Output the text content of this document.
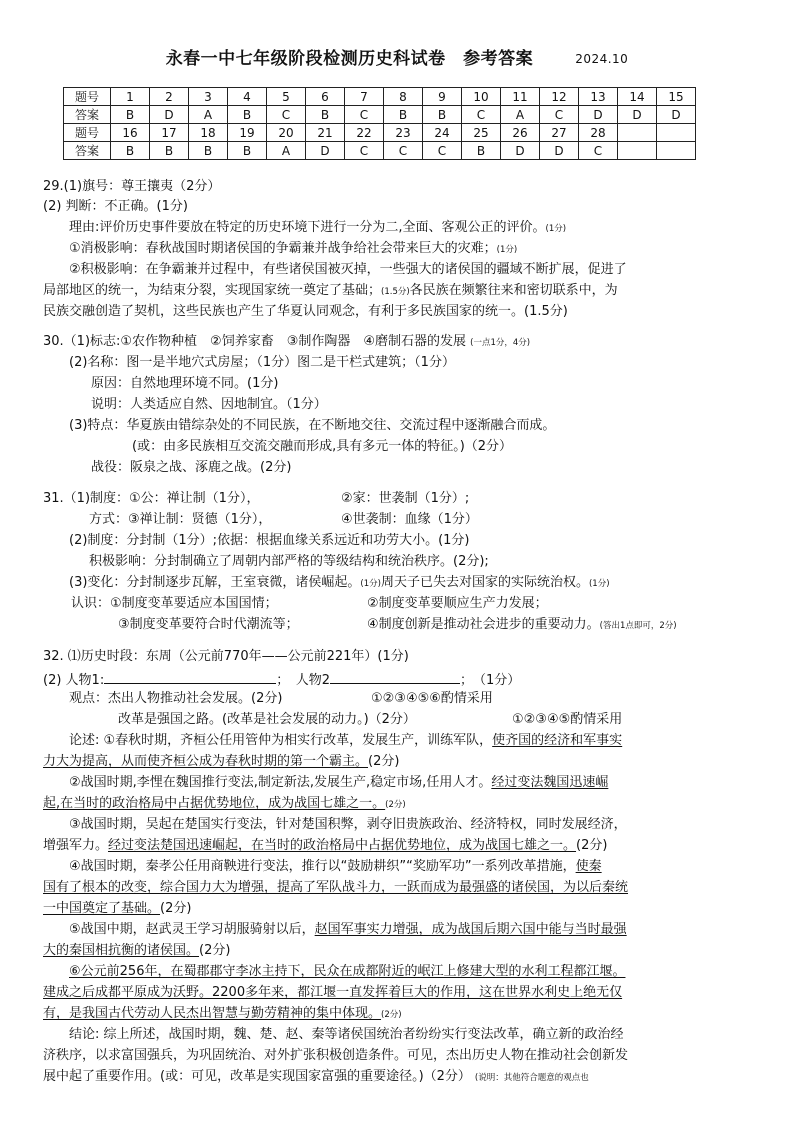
永春一中七年级阶段检测历史科试卷　参考答案	2024.10
题号	1	2	3	4	5	6	7	8	9	10	11	12	13	14	15
答案	B	D	A	B	C	B	C	B	B	C	A	C	D	D	D
题号	16	17	18	19	20	21	22	23	24	25	26	27	28		
答案	B	B	B	B	A	D	C	C	C	B	D	D	C		
29.(1)旗号：尊王攘夷（2分）
(2) 判断：不正确。(1分)
理由:评价历史事件要放在特定的历史环境下进行一分为二,全面、客观公正的评价。(1分)
①消极影响：春秋战国时期诸侯国的争霸兼并战争给社会带来巨大的灾难；(1分)
②积极影响：在争霸兼并过程中，有些诸侯国被灭掉，一些强大的诸侯国的疆域不断扩展，促进了
局部地区的统一，为结束分裂，实现国家统一奠定了基础；(1.5分)各民族在频繁往来和密切联系中，为
民族交融创造了契机，这些民族也产生了华夏认同观念，有利于多民族国家的统一。(1.5分)
30.（1)标志:①农作物种植　②饲养家畜　③制作陶器　④磨制石器的发展 (一点1分，4分)
(2)名称：图一是半地穴式房屋；（1分）图二是干栏式建筑；（1分）
原因：自然地理环境不同。(1分)
说明：人类适应自然、因地制宜。（1分）
(3)特点：华夏族由错综杂处的不同民族，在不断地交往、交流过程中逐渐融合而成。
(或：由多民族相互交流交融而形成,具有多元一体的特征。)（2分）
战役：阪泉之战、涿鹿之战。(2分)
31.（1)制度：①公：禅让制（1分），	②家：世袭制（1分）;
方式：③禅让制：贤德（1分），	④世袭制：血缘（1分）
(2)制度：分封制（1分）;依据：根据血缘关系远近和功劳大小。(1分)
积极影响：分封制确立了周朝内部严格的等级结构和统治秩序。(2分);
(3)变化：分封制逐步瓦解，王室衰微，诸侯崛起。(1分)周天子已失去对国家的实际统治权。(1分)
认识：①制度变革要适应本国国情；	②制度变革要顺应生产力发展；
③制度变革要符合时代潮流等；	④制度创新是推动社会进步的重要动力。(答出1点即可，2分)
32. ⑴历史时段：东周（公元前770年——公元前221年）(1分)
(2) 人物1:	；　人物2	；　（1分）
观点：杰出人物推动社会发展。(2分)	①②③④⑤⑥酌情采用
改革是强国之路。(改革是社会发展的动力。)（2分）	①②③④⑤酌情采用
论述: ①春秋时期，齐桓公任用管仲为相实行改革，发展生产，训练军队，使齐国的经济和军事实
力大为提高，从而使齐桓公成为春秋时期的第一个霸主。(2分)
②战国时期,李悝在魏国推行变法,制定新法,发展生产,稳定市场,任用人才。经过变法魏国迅速崛
起,在当时的政治格局中占据优势地位，成为战国七雄之一。(2分)
③战国时期，吴起在楚国实行变法，针对楚国积弊，剥夺旧贵族政治、经济特权，同时发展经济，
增强军力。经过变法楚国迅速崛起，在当时的政治格局中占据优势地位，成为战国七雄之一。(2分)
④战国时期，秦孝公任用商鞅进行变法，推行以“鼓励耕织”“奖励军功”一系列改革措施，使秦
国有了根本的改变，综合国力大为增强，提高了军队战斗力，一跃而成为最强盛的诸侯国，为以后秦统
一中国奠定了基础。(2分)
⑤战国中期，赵武灵王学习胡服骑射以后，赵国军事实力增强，成为战国后期六国中能与当时最强
大的秦国相抗衡的诸侯国。(2分)
⑥公元前256年，在蜀郡郡守李冰主持下，民众在成都附近的岷江上修建大型的水利工程都江堰。
建成之后成都平原成为沃野。2200多年来，都江堰一直发挥着巨大的作用，这在世界水利史上绝无仅
有，是我国古代劳动人民杰出智慧与勤劳精神的集中体现。(2分)
结论: 综上所述，战国时期，魏、楚、赵、秦等诸侯国统治者纷纷实行变法改革，确立新的政治经
济秩序，以求富国强兵，为巩固统治、对外扩张积极创造条件。可见，杰出历史人物在推动社会创新发
展中起了重要作用。(或：可见，改革是实现国家富强的重要途径。)（2分） (说明：其他符合题意的观点也
